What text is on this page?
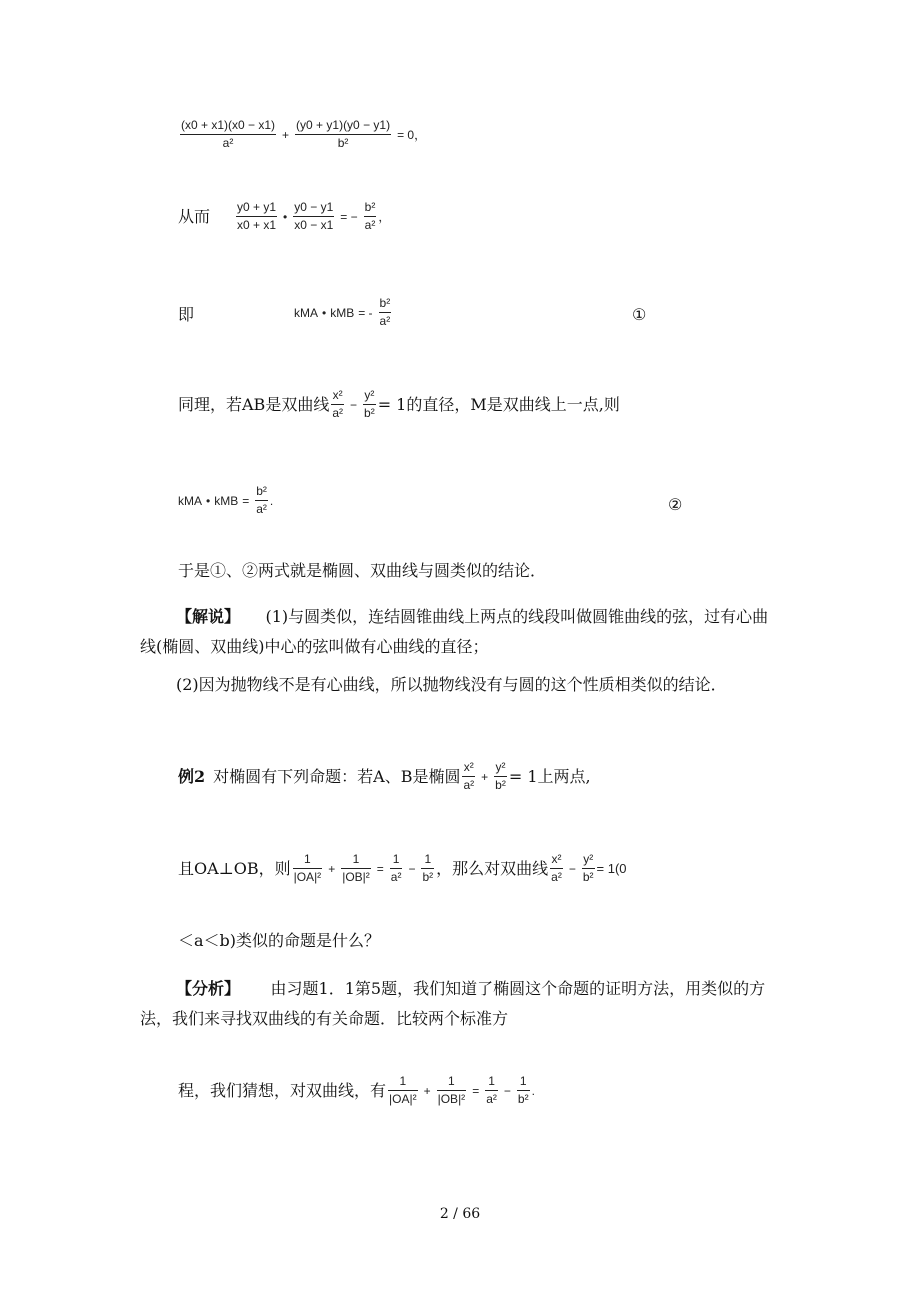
$\frac{(x0 + x1)(x0 - x1)}{\text{a²}} + \frac{(y0 + y1)(y0 - y1)}{\text{b²}} = 0$，
从而 $\frac{y0 + y1}{x0 + x1}$ • $\frac{y0 - y1}{x0 - x1}$ = − $\frac{\text{b²}}{\text{a²}}$ ，
即	kMA • kMB = - $\frac{\text{b²}}{\text{a²}}$	①
同理，若AB是双曲线 $\frac{\text{x²}}{\text{a²}} - \frac{\text{y²}}{\text{b²}} = 1$的直径，M是双曲线上一点,则
kMA • kMB = $\frac{\text{b²}}{\text{a²}}$ .	②
于是①、②两式就是椭圆、双曲线与圆类似的结论．
【解说】 (1)与圆类似，连结圆锥曲线上两点的线段叫做圆锥曲线的弦，过有心曲线(椭圆、双曲线)中心的弦叫做有心曲线的直径；
(2)因为抛物线不是有心曲线，所以抛物线没有与圆的这个性质相类似的结论．
例2 对椭圆有下列命题：若A、B是椭圆 $\frac{\text{x²}}{\text{a²}} + \frac{\text{y²}}{\text{b²}} = 1$上两点,
且OA⊥OB，则 $\frac{1}{\text{|OA|²}} + \frac{1}{\text{|OB|²}} = \frac{1}{\text{a²}} - \frac{1}{\text{b²}}$ ，那么对双曲线 $\frac{\text{x²}}{\text{a²}} - \frac{\text{y²}}{\text{b²}} = 1(0$
＜a＜b)类似的命题是什么？
【分析】 由习题1．1第5题，我们知道了椭圆这个命题的证明方法，用类似的方法，我们来寻找双曲线的有关命题．比较两个标准方
程，我们猜想，对双曲线，有 $\frac{1}{\text{|OA|²}} + \frac{1}{\text{|OB|²}} = \frac{1}{\text{a²}} - \frac{1}{\text{b²}}$ .
2 / 66
